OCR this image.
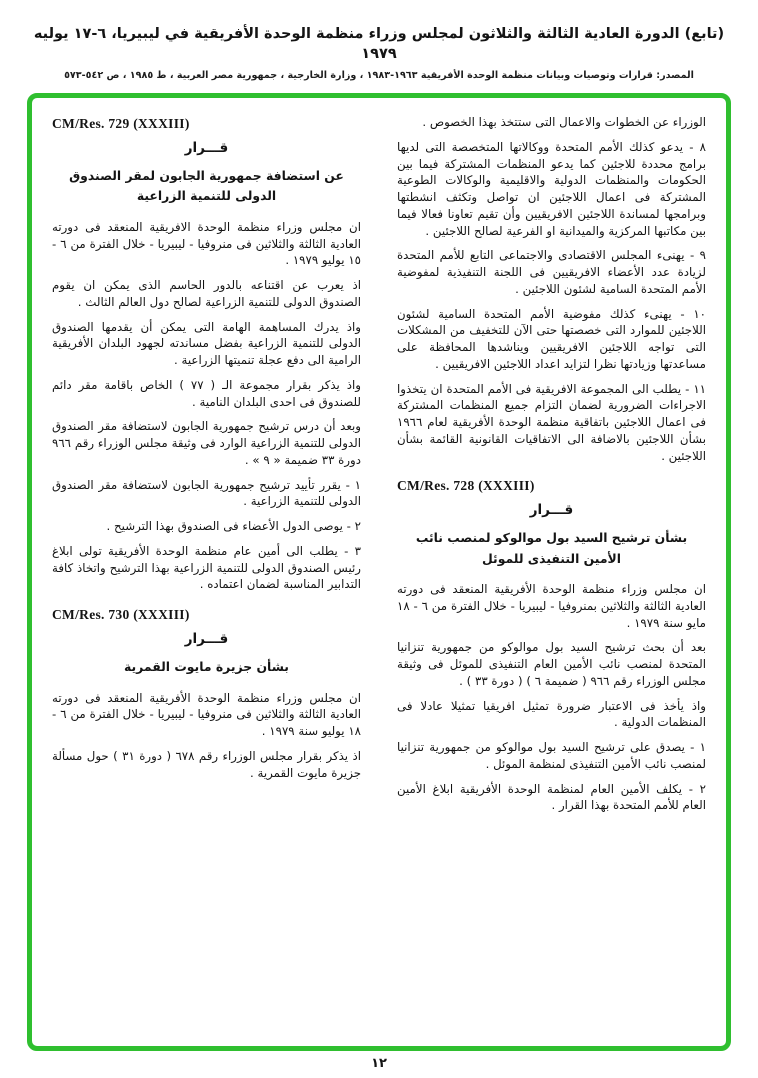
(تابع) الدورة العادية الثالثة والثلاثون لمجلس وزراء منظمة الوحدة الأفريقية في ليبيريا، ٦-١٧ يوليه ١٩٧٩
المصدر: قرارات وتوصيات وبيانات منظمة الوحدة الأفريقية ١٩٦٣-١٩٨٣ ، وزارة الخارجية ، جمهورية مصر العربية ، ط ١٩٨٥ ، ص ٥٤٢-٥٧٣
الوزراء عن الخطوات والاعمال التى ستتخذ بهذا الخصوص .
٨ - يدعو كذلك الأمم المتحدة ووكالاتها المتخصصة التى لديها برامج محددة للاجئين كما يدعو المنظمات المشتركة فيما بين الحكومات والمنظمات الدولية والاقليمية والوكالات الطوعية المشتركة فى اعمال اللاجئين ان تواصل وتكثف انشطتها وبرامجها لمساندة اللاجئين الافريقيين وأن تقيم تعاونا فعالا فيما بين مكاتبها المركزية والميدانية او الفرعية لصالح اللاجئين .
٩ - يهنىء المجلس الاقتصادى والاجتماعى التابع للأمم المتحدة لزيادة عدد الأعضاء الافريقيين فى اللجنة التنفيذية لمفوضية الأمم المتحدة السامية لشئون اللاجئين .
١٠ - يهنىء كذلك مفوضية الأمم المتحدة السامية لشئون اللاجئين للموارد التى خصصتها حتى الآن للتخفيف من المشكلات التى تواجه اللاجئين الافريقيين ويناشدها المحافظة على مساعدتها وزيادتها نظرا لتزايد اعداد اللاجئين الافريقيين .
١١ - يطلب الى المجموعة الافريقية فى الأمم المتحدة ان يتخذوا الاجراءات الضرورية لضمان التزام جميع المنظمات المشتركة فى اعمال اللاجئين باتفاقية منظمة الوحدة الأفريقية لعام ١٩٦٦ بشأن اللاجئين بالاضافة الى الاتفاقيات القانونية القائمة بشأن اللاجئين .
CM/Res. 728 (XXXIII)
قـــرار
بشأن ترشيح السيد بول موالوكو لمنصب نائب الأمين التنفيذى للموئل
ان مجلس وزراء منظمة الوحدة الأفريقية المنعقد فى دورته العادية الثالثة والثلاثين بمنروفيا - ليبيريا - خلال الفترة من ٦ - ١٨ مايو سنة ١٩٧٩ .
بعد أن بحث ترشيح السيد بول موالوكو من جمهورية تنزانيا المتحدة لمنصب نائب الأمين العام التنفيذى للموئل فى وثيقة مجلس الوزراء رقم ٩٦٦ ( ضميمة ٦ ) ( دورة ٣٣ ) .
واذ يأخذ فى الاعتبار ضرورة تمثيل افريقيا تمثيلا عادلا فى المنظمات الدولية .
١ - يصدق على ترشيح السيد بول موالوكو من جمهورية تنزانيا لمنصب نائب الأمين التنفيذى لمنظمة الموئل .
٢ - يكلف الأمين العام لمنظمة الوحدة الأفريقية ابلاغ الأمين العام للأمم المتحدة بهذا القرار .
CM/Res. 729 (XXXIII)
قـــرار
عن استضافة جمهورية الجابون لمقر الصندوق الدولى للتنمية الزراعية
ان مجلس وزراء منظمة الوحدة الافريقية المنعقد فى دورته العادية الثالثة والثلاثين فى منروفيا - ليبيريا - خلال الفترة من ٦ - ١٥ يوليو ١٩٧٩ .
اذ يعرب عن اقتناعه بالدور الحاسم الذى يمكن ان يقوم الصندوق الدولى للتنمية الزراعية لصالح دول العالم الثالث .
واذ يدرك المساهمة الهامة التى يمكن أن يقدمها الصندوق الدولى للتنمية الزراعية بفضل مساندته لجهود البلدان الأفريقية الرامية الى دفع عجلة تنميتها الزراعية .
واذ يذكر بقرار مجموعة الـ ( ٧٧ ) الخاص باقامة مقر دائم للصندوق فى احدى البلدان النامية .
وبعد أن درس ترشيح جمهورية الجابون لاستضافة مقر الصندوق الدولى للتنمية الزراعية الوارد فى وثيقة مجلس الوزراء رقم ٩٦٦ دورة ٣٣ ضميمة « ٩ » .
١ - يقرر تأييد ترشيح جمهورية الجابون لاستضافة مقر الصندوق الدولى للتنمية الزراعية .
٢ - يوصى الدول الأعضاء فى الصندوق بهذا الترشيح .
٣ - يطلب الى أمين عام منظمة الوحدة الأفريقية تولى ابلاغ رئيس الصندوق الدولى للتنمية الزراعية بهذا الترشيح واتخاذ كافة التدابير المناسبة لضمان اعتماده .
CM/Res. 730 (XXXIII)
قـــرار
بشأن جزيرة مايوت القمرية
ان مجلس وزراء منظمة الوحدة الأفريقية المنعقد فى دورته العادية الثالثة والثلاثين فى منروفيا - ليبيريا - خلال الفترة من ٦ - ١٨ يوليو سنة ١٩٧٩ .
اذ يذكر بقرار مجلس الوزراء رقم ٦٧٨ ( دورة ٣١ ) حول مسألة جزيرة مايوت القمرية .
١٢
